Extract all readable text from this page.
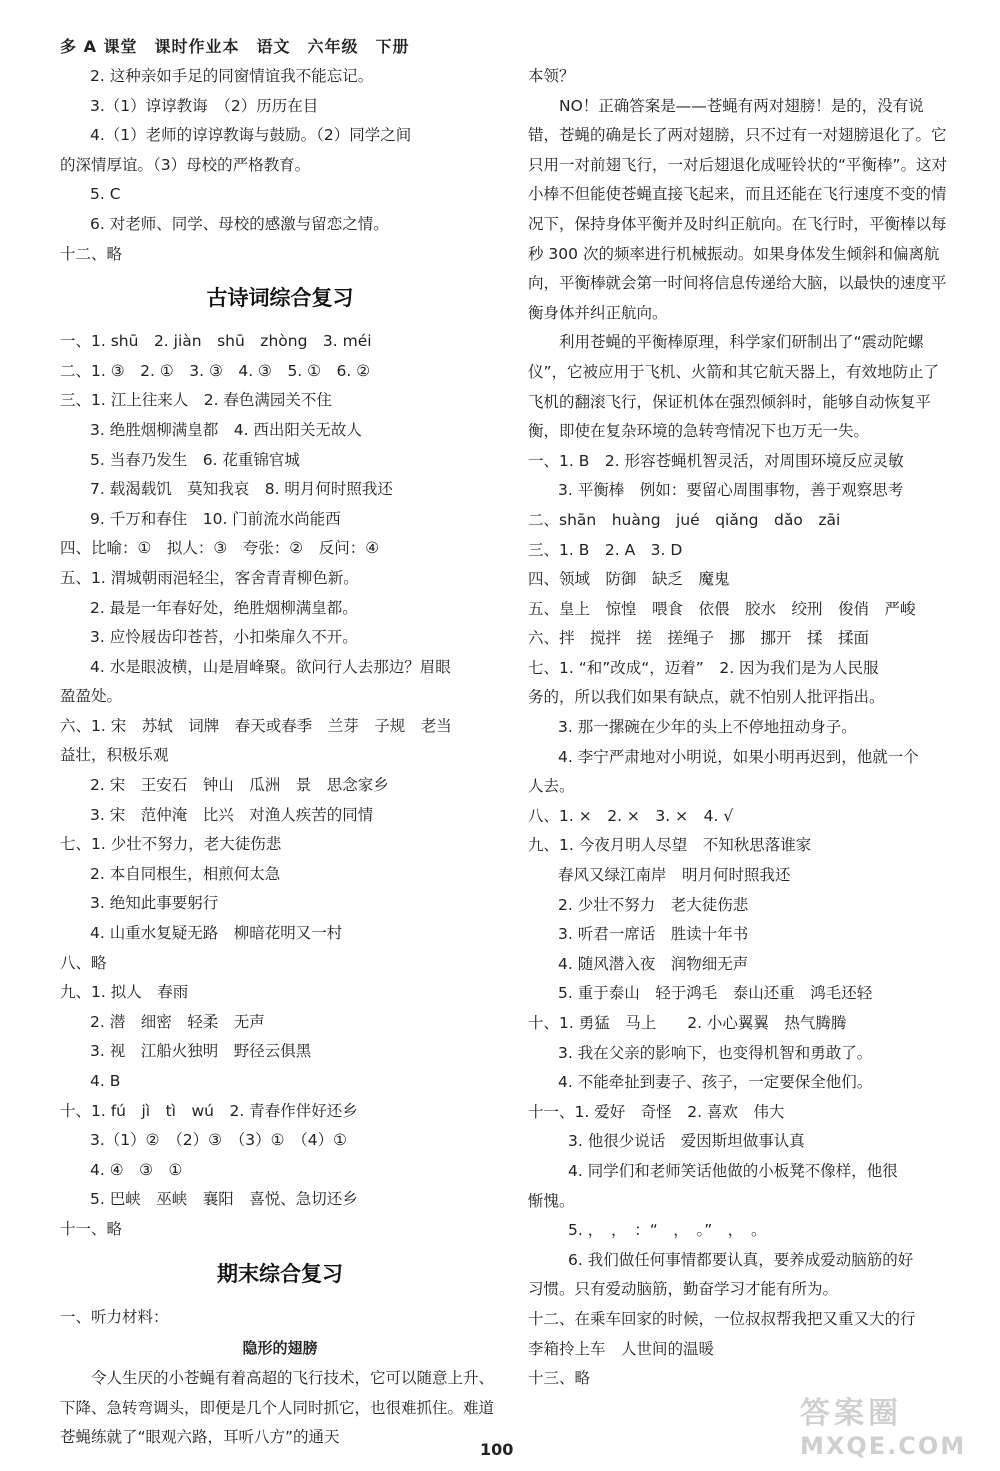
多 A 课堂　课时作业本　语文　六年级　下册
2. 这种亲如手足的同窗情谊我不能忘记。
3.（1）谆谆教诲　（2）历历在目
4.（1）老师的谆谆教诲与鼓励。（2）同学之间
的深情厚谊。（3）母校的严格教育。
5. C
6. 对老师、同学、母校的感激与留恋之情。
十二、略
古诗词综合复习
一、1. shū　2. jiàn　shū　zhòng　3. méi
二、1. ③　2. ①　3. ③　4. ③　5. ①　6. ②
三、1. 江上往来人　2. 春色满园关不住
3. 绝胜烟柳满皇都　4. 西出阳关无故人
5. 当春乃发生　6. 花重锦官城
7. 载渴载饥　莫知我哀　8. 明月何时照我还
9. 千万和春住　10. 门前流水尚能西
四、比喻：①　拟人：③　夸张：②　反问：④
五、1. 渭城朝雨浥轻尘，客舍青青柳色新。
2. 最是一年春好处，绝胜烟柳满皇都。
3. 应怜屐齿印苍苔，小扣柴扉久不开。
4. 水是眼波横，山是眉峰聚。欲问行人去那边？眉眼
盈盈处。
六、1. 宋　苏轼　词牌　春天或春季　兰芽　子规　老当
益壮，积极乐观
2. 宋　王安石　钟山　瓜洲　景　思念家乡
3. 宋　范仲淹　比兴　对渔人疾苦的同情
七、1. 少壮不努力，老大徒伤悲
2. 本自同根生，相煎何太急
3. 绝知此事要躬行
4. 山重水复疑无路　柳暗花明又一村
八、略
九、1. 拟人　春雨
2. 潜　细密　轻柔　无声
3. 视　江船火独明　野径云俱黑
4. B
十、1. fú　jì　tì　wú　2. 青春作伴好还乡
3.（1）②　（2）③　（3）①　（4）①
4. ④　③　①
5. 巴峡　巫峡　襄阳　喜悦、急切还乡
十一、略
期末综合复习
一、听力材料：
隐形的翅膀
令人生厌的小苍蝇有着高超的飞行技术，它可以随意上升、下降、急转弯调头，即便是几个人同时抓它，也很难抓住。难道苍蝇练就了“眼观六路，耳听八方”的通天
本领？
NO！正确答案是——苍蝇有两对翅膀！是的，没有说错，苍蝇的确是长了两对翅膀，只不过有一对翅膀退化了。它只用一对前翅飞行，一对后翅退化成哑铃状的“平衡棒”。这对小棒不但能使苍蝇直接飞起来，而且还能在飞行速度不变的情况下，保持身体平衡并及时纠正航向。在飞行时，平衡棒以每秒 300 次的频率进行机械振动。如果身体发生倾斜和偏离航向，平衡棒就会第一时间将信息传递给大脑，以最快的速度平衡身体并纠正航向。
利用苍蝇的平衡棒原理，科学家们研制出了“震动陀螺仪”，它被应用于飞机、火箭和其它航天器上，有效地防止了飞机的翻滚飞行，保证机体在强烈倾斜时，能够自动恢复平衡，即使在复杂环境的急转弯情况下也万无一失。
一、1. B　2. 形容苍蝇机智灵活，对周围环境反应灵敏
3. 平衡棒　例如：要留心周围事物，善于观察思考
二、shān　huàng　jué　qiǎng　dǎo　zāi
三、1. B　2. A　3. D
四、领域　防御　缺乏　魔鬼
五、皇上　惊惶　喂食　依偎　胶水　绞刑　俊俏　严峻
六、拌　搅拌　搓　搓绳子　挪　挪开　揉　揉面
七、1. “和”改成“，迈着”　2. 因为我们是为人民服
务的，所以我们如果有缺点，就不怕别人批评指出。
3. 那一摞碗在少年的头上不停地扭动身子。
4. 李宁严肃地对小明说，如果小明再迟到，他就一个
人去。
八、1. ×　2. ×　3. ×　4. √
九、1. 今夜月明人尽望　不知秋思落谁家
春风又绿江南岸　明月何时照我还
2. 少壮不努力　老大徒伤悲
3. 听君一席话　胜读十年书
4. 随风潜入夜　润物细无声
5. 重于泰山　轻于鸿毛　泰山还重　鸿毛还轻
十、1. 勇猛　马上　　2. 小心翼翼　热气腾腾
3. 我在父亲的影响下，也变得机智和勇敢了。
4. 不能牵扯到妻子、孩子，一定要保全他们。
十一、1. 爱好　奇怪　2. 喜欢　伟大
3. 他很少说话　爱因斯坦做事认真
4. 同学们和老师笑话他做的小板凳不像样，他很
惭愧。
5. ，　，　：“　，　。”　，　。
6. 我们做任何事情都要认真，要养成爱动脑筋的好
习惯。只有爱动脑筋，勤奋学习才能有所为。
十二、在乘车回家的时候，一位叔叔帮我把又重又大的行
李箱拎上车　人世间的温暖
十三、略
100
答案圈
MXQE.COM
